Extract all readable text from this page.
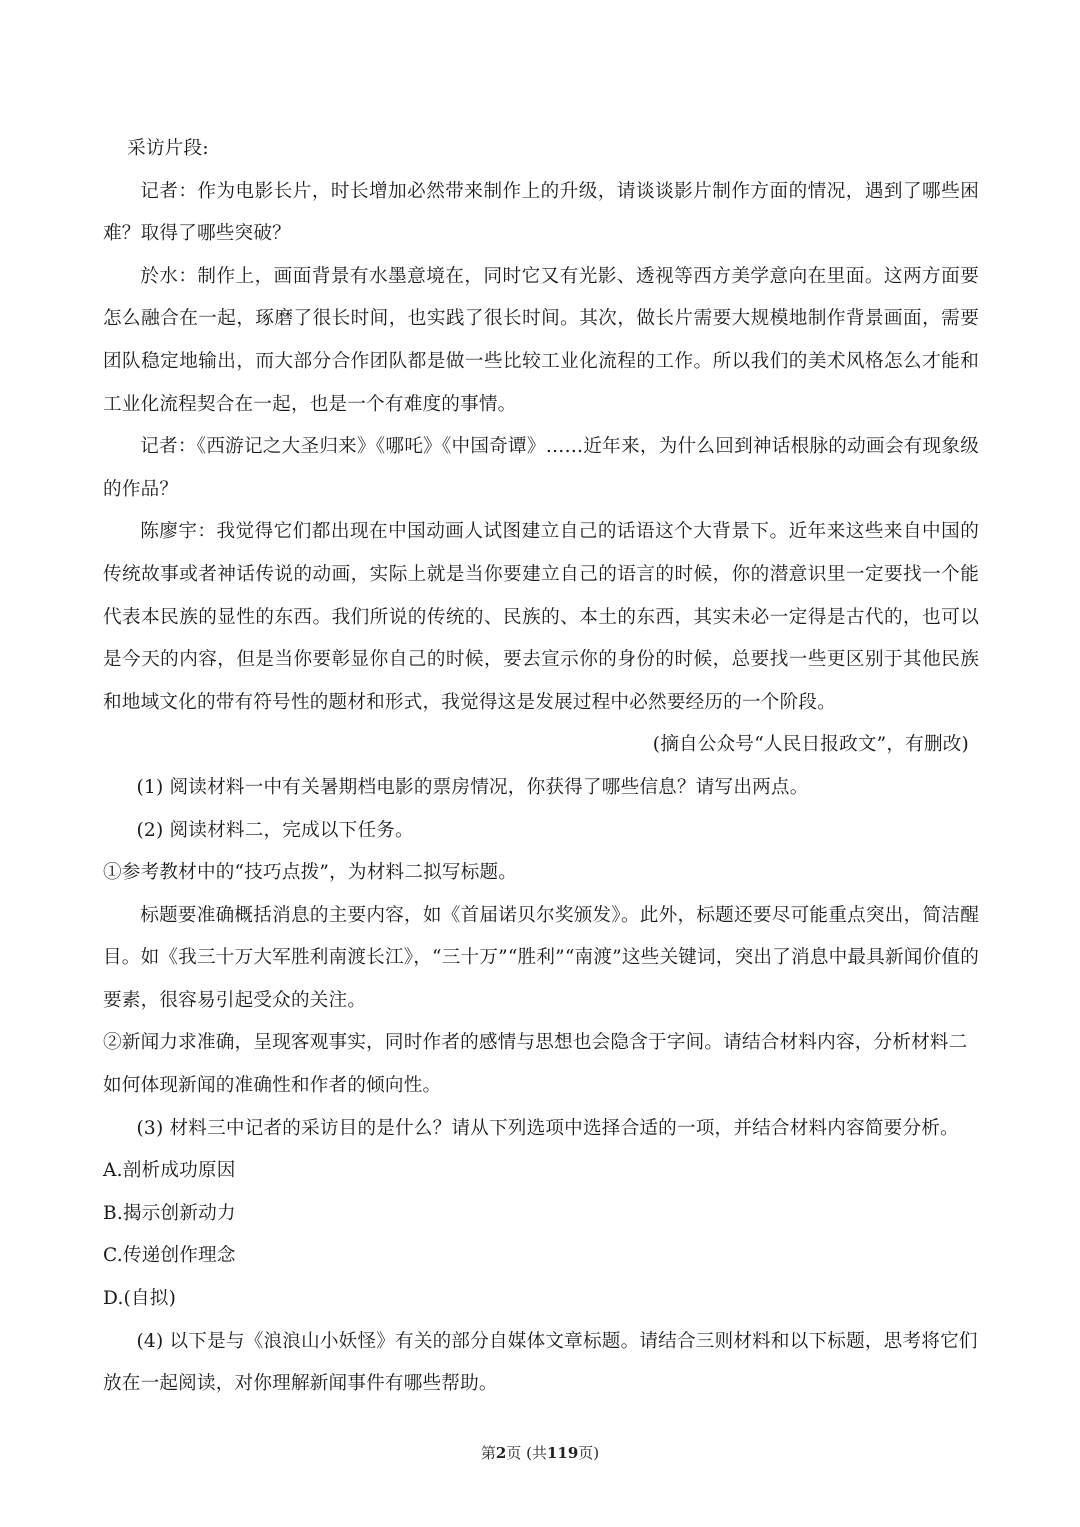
采访片段:

记者：作为电影长片，时长增加必然带来制作上的升级，请谈谈影片制作方面的情况，遇到了哪些困难？取得了哪些突破？

於水：制作上，画面背景有水墨意境在，同时它又有光影、透视等西方美学意向在里面。这两方面要怎么融合在一起，琢磨了很长时间，也实践了很长时间。其次，做长片需要大规模地制作背景画面，需要团队稳定地输出，而大部分合作团队都是做一些比较工业化流程的工作。所以我们的美术风格怎么才能和工业化流程契合在一起，也是一个有难度的事情。

记者：《西游记之大圣归来》《哪吒》《中国奇谭》……近年来，为什么回到神话根脉的动画会有现象级的作品？

陈廖宇：我觉得它们都出现在中国动画人试图建立自己的话语这个大背景下。近年来这些来自中国的传统故事或者神话传说的动画，实际上就是当你要建立自己的语言的时候，你的潜意识里一定要找一个能代表本民族的显性的东西。我们所说的传统的、民族的、本土的东西，其实未必一定得是古代的，也可以是今天的内容，但是当你要彰显你自己的时候，要去宣示你的身份的时候，总要找一些更区别于其他民族和地域文化的带有符号性的题材和形式，我觉得这是发展过程中必然要经历的一个阶段。

(摘自公众号“人民日报政文”，有删改)

(1) 阅读材料一中有关暑期档电影的票房情况，你获得了哪些信息？请写出两点。

(2) 阅读材料二，完成以下任务。

①参考教材中的“技巧点拨”，为材料二拟写标题。

标题要准确概括消息的主要内容，如《首届诺贝尔奖颁发》。此外，标题还要尽可能重点突出，简洁醒目。如《我三十万大军胜利南渡长江》，“三十万”“胜利”“南渡”这些关键词，突出了消息中最具新闻价值的要素，很容易引起受众的关注。

②新闻力求准确，呈现客观事实，同时作者的感情与思想也会隐含于字间。请结合材料内容，分析材料二如何体现新闻的准确性和作者的倾向性。

(3) 材料三中记者的采访目的是什么？请从下列选项中选择合适的一项，并结合材料内容简要分析。

A.剖析成功原因

B.揭示创新动力

C.传递创作理念

D.(自拟)

(4) 以下是与《浪浪山小妖怪》有关的部分自媒体文章标题。请结合三则材料和以下标题，思考将它们放在一起阅读，对你理解新闻事件有哪些帮助。

第2页 (共119页)
